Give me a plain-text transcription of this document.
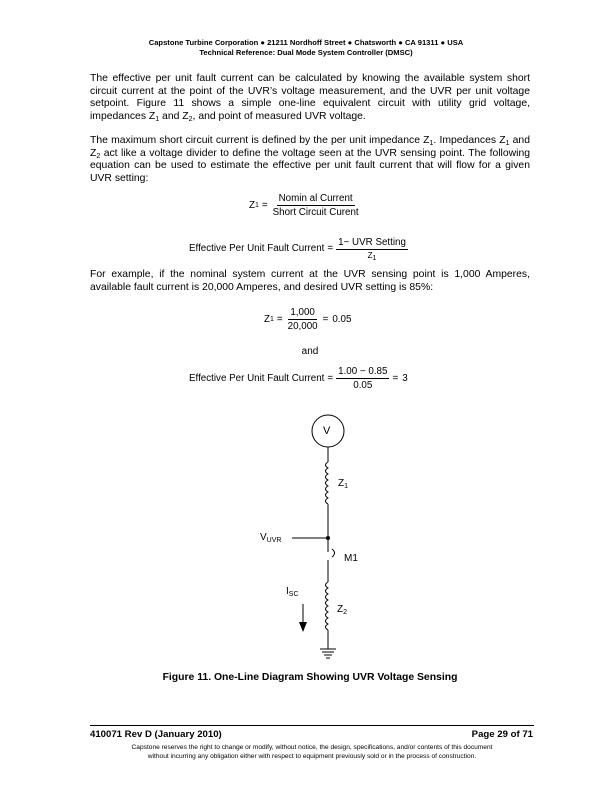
Capstone Turbine Corporation ● 21211 Nordhoff Street ● Chatsworth ● CA 91311 ● USA
Technical Reference: Dual Mode System Controller (DMSC)

The effective per unit fault current can be calculated by knowing the available system short circuit current at the point of the UVR’s voltage measurement, and the UVR per unit voltage setpoint. Figure 11 shows a simple one-line equivalent circuit with utility grid voltage, impedances $Z_1$ and $Z_2$, and point of measured UVR voltage.

The maximum short circuit current is defined by the per unit impedance $Z_1$. Impedances $Z_1$ and $Z_2$ act like a voltage divider to define the voltage seen at the UVR sensing point. The following equation can be used to estimate the effective per unit fault current that will flow for a given UVR setting:

Z $1 = \frac{\text{Nomin al Current}}{\text{Short Circuit Curent}}$
Effective Per Unit Fault Current = $\frac{\text{1− UVR Setting}}{Z_1}$

For example, if the nominal system current at the UVR sensing point is 1,000 Amperes, available fault current is 20,000 Amperes, and desired UVR setting is 85%:

Z $1 = \frac{1,000}{20,000} = 0.05$
and
Effective Per Unit Fault Current = $\frac{1.00 - 0.85}{0.05} = 3$
V
$Z_1$
$V_{UVR}$
M1
$I_{SC}$
$Z_2$
Figure 11. One-Line Diagram Showing UVR Voltage Sensing
410071 Rev D (January 2010)	Page 29 of 71
Capstone reserves the right to change or modify, without notice, the design, specifications, and/or contents of this document
without incurring any obligation either with respect to equipment previously sold or in the process of construction.
